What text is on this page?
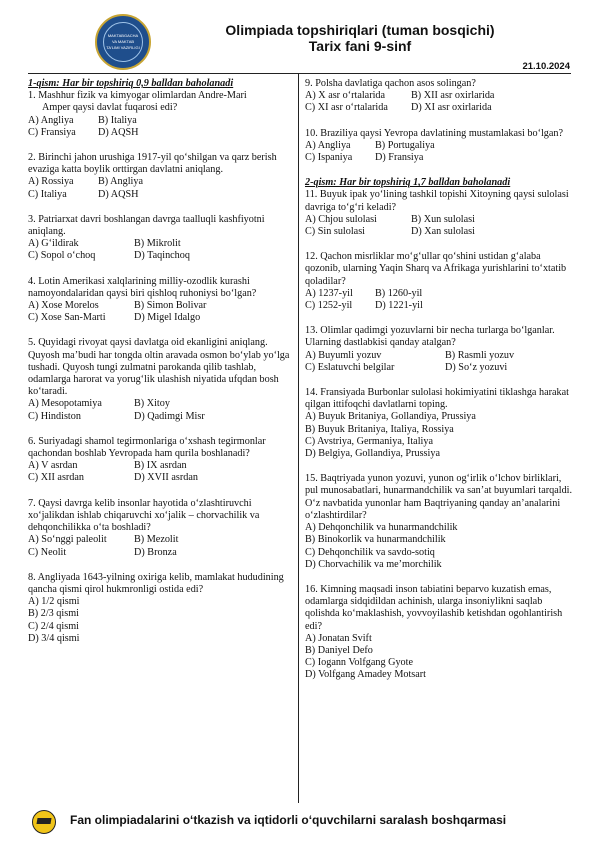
MAKTABGACHA
VA MAKTAB
TA'LIMI VAZIRLIGI
Olimpiada topshiriqlari (tuman bosqichi)
Tarix fani 9-sinf
21.10.2024

1-qism: Har bir topshiriq 0,9 balldan baholanadi

1. Mashhur fizik va kimyogar olimlardan Andre-Mari

Amper qaysi davlat fuqarosi edi?

A) Angliya	B) Italiya
C) Fransiya	D) AQSH

2. Birinchi jahon urushiga 1917-yil qo‘shilgan va qarz berish evaziga katta boylik orttirgan davlatni aniqlang.

A) Rossiya	B) Angliya
C) Italiya	D) AQSH

3. Patriarxat davri boshlangan davrga taalluqli kashfiyotni aniqlang.

A) G‘ildirak	B) Mikrolit
C) Sopol o‘choq	D) Taqinchoq

4. Lotin Amerikasi xalqlarining milliy-ozodlik kurashi namoyondalaridan qaysi biri qishloq ruhoniysi bo‘lgan?

A) Xose Morelos	B) Simon Bolivar
C) Xose San-Marti	D) Migel Idalgo

5. Quyidagi rivoyat qaysi davlatga oid ekanligini aniqlang. Quyosh ma’budi har tongda oltin aravada osmon bo‘ylab yo‘lga tushadi. Quyosh tungi zulmatni parokanda qilib tashlab, odamlarga harorat va yorug‘lik ulashish niyatida ufqdan bosh ko‘taradi.

A) Mesopotamiya	B) Xitoy
C) Hindiston	D) Qadimgi Misr

6. Suriyadagi shamol tegirmonlariga o‘xshash tegirmonlar qachondan boshlab Yevropada ham qurila boshlanadi?

A) V asrdan	B) IX asrdan
C) XII asrdan	D) XVII asrdan

7. Qaysi davrga kelib insonlar hayotida o‘zlashtiruvchi xo‘jalikdan ishlab chiqaruvchi xo‘jalik – chorvachilik va dehqonchilikka o‘ta boshladi?

A) So‘nggi paleolit	B) Mezolit
C) Neolit	D) Bronza

8. Angliyada 1643-yilning oxiriga kelib, mamlakat hududining qancha qismi qirol hukmronligi ostida edi?

A) 1/2 qismi

B) 2/3 qismi

C) 2/4 qismi

D) 3/4 qismi

9. Polsha davlatiga qachon asos solingan?

A) X asr o‘rtalarida	B) XII asr oxirlarida
C) XI asr o‘rtalarida	D) XI asr oxirlarida

10. Braziliya qaysi Yevropa davlatining mustamlakasi bo‘lgan?

A) Angliya	B) Portugaliya
C) Ispaniya	D) Fransiya

2-qism: Har bir topshiriq 1,7 balldan baholanadi

11. Buyuk ipak yo‘lining tashkil topishi Xitoyning qaysi sulolasi davriga to‘g‘ri keladi?

A) Chjou sulolasi	B) Xun sulolasi
C) Sin sulolasi	D) Xan sulolasi

12. Qachon misrliklar mo‘g‘ullar qo‘shini ustidan g‘alaba qozonib, ularning Yaqin Sharq va Afrikaga yurishlarini to‘xtatib qoladilar?

A) 1237-yil	B) 1260-yil
C) 1252-yil	D) 1221-yil

13. Olimlar qadimgi yozuvlarni bir necha turlarga bo‘lganlar. Ularning dastlabkisi qanday atalgan?

A) Buyumli yozuv	B) Rasmli yozuv
C) Eslatuvchi belgilar	D) So‘z yozuvi

14. Fransiyada Burbonlar sulolasi hokimiyatini tiklashga harakat qilgan ittifoqchi davlatlarni toping.

A) Buyuk Britaniya, Gollandiya, Prussiya

B) Buyuk Britaniya, Italiya, Rossiya

C) Avstriya, Germaniya, Italiya

D) Belgiya, Gollandiya, Prussiya

15. Baqtriyada yunon yozuvi, yunon og‘irlik o‘lchov birliklari, pul munosabatlari, hunarmandchilik va san’at buyumlari tarqaldi. O‘z navbatida yunonlar ham Baqtriyaning qanday an’analarini o‘zlashtirdilar?

A) Dehqonchilik va hunarmandchilik

B) Binokorlik va hunarmandchilik

C) Dehqonchilik va savdo-sotiq

D) Chorvachilik va me’morchilik

16. Kimning maqsadi inson tabiatini beparvo kuzatish emas, odamlarga sidqidildan achinish, ularga insoniylikni saqlab qolishda ko‘maklashish, yovvoyilashib ketishdan ogohlantirish edi?

A) Jonatan Svift

B) Daniyel Defo

C) Iogann Volfgang Gyote

D) Volfgang Amadey Motsart

Fan olimpiadalarini o‘tkazish va iqtidorli o‘quvchilarni saralash boshqarmasi
